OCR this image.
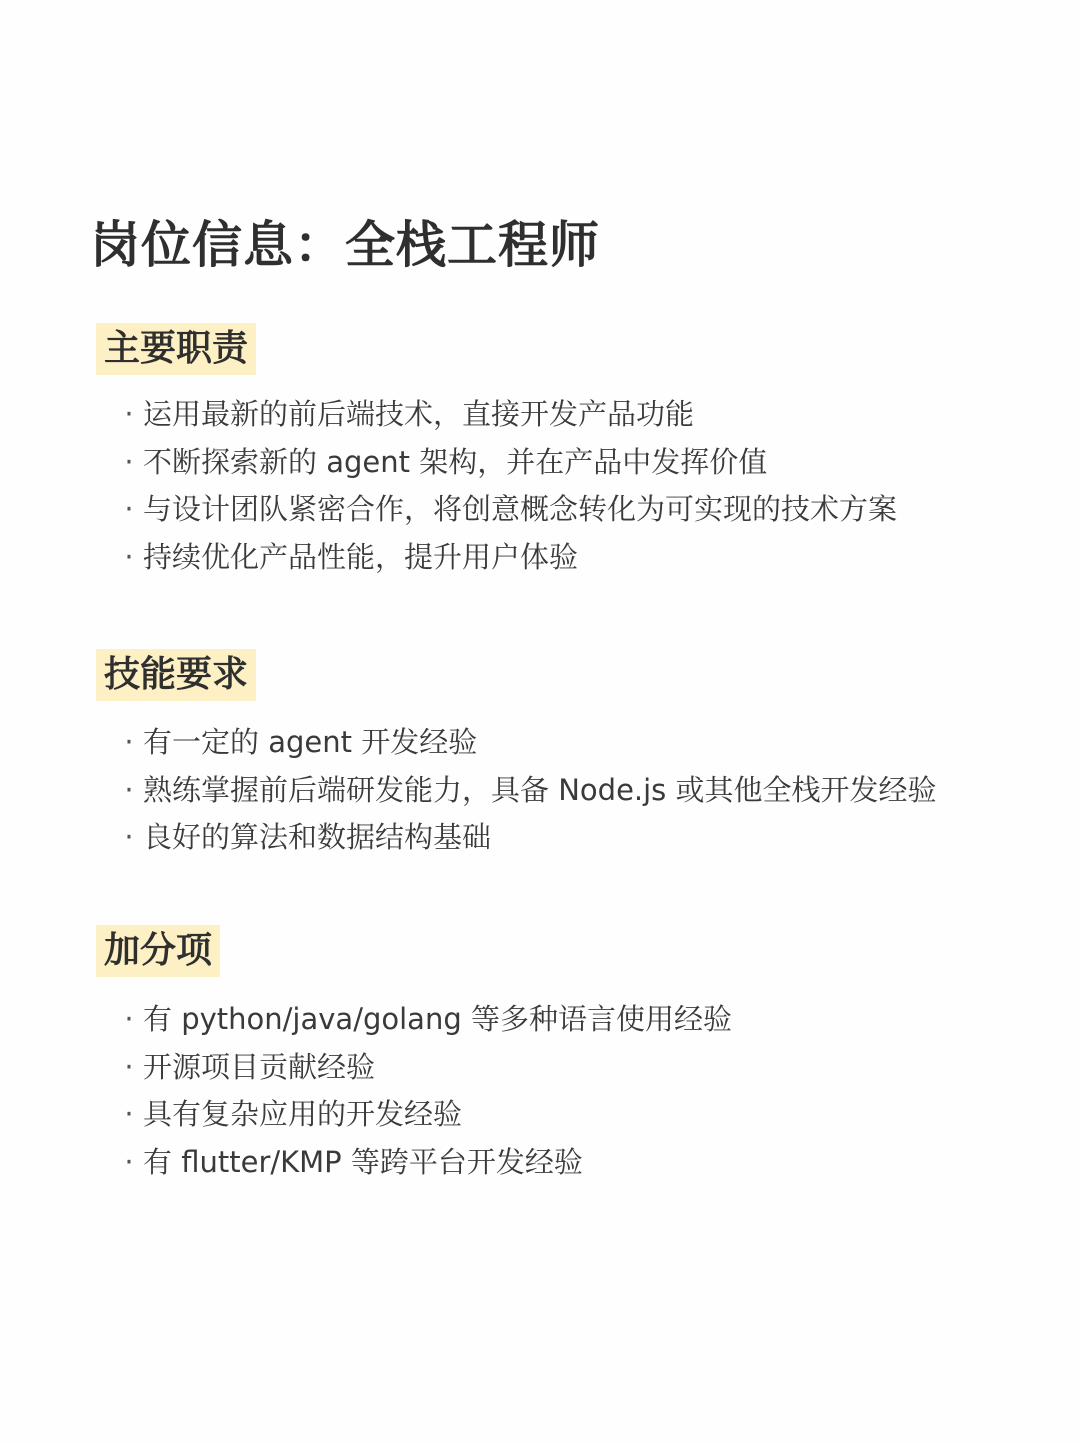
岗位信息：全栈工程师
主要职责
· 运用最新的前后端技术，直接开发产品功能
· 不断探索新的 agent 架构，并在产品中发挥价值
· 与设计团队紧密合作，将创意概念转化为可实现的技术方案
· 持续优化产品性能，提升用户体验
技能要求
· 有一定的 agent 开发经验
· 熟练掌握前后端研发能力，具备 Node.js 或其他全栈开发经验
· 良好的算法和数据结构基础
加分项
· 有 python/java/golang 等多种语言使用经验
· 开源项目贡献经验
· 具有复杂应用的开发经验
· 有 flutter/KMP 等跨平台开发经验
